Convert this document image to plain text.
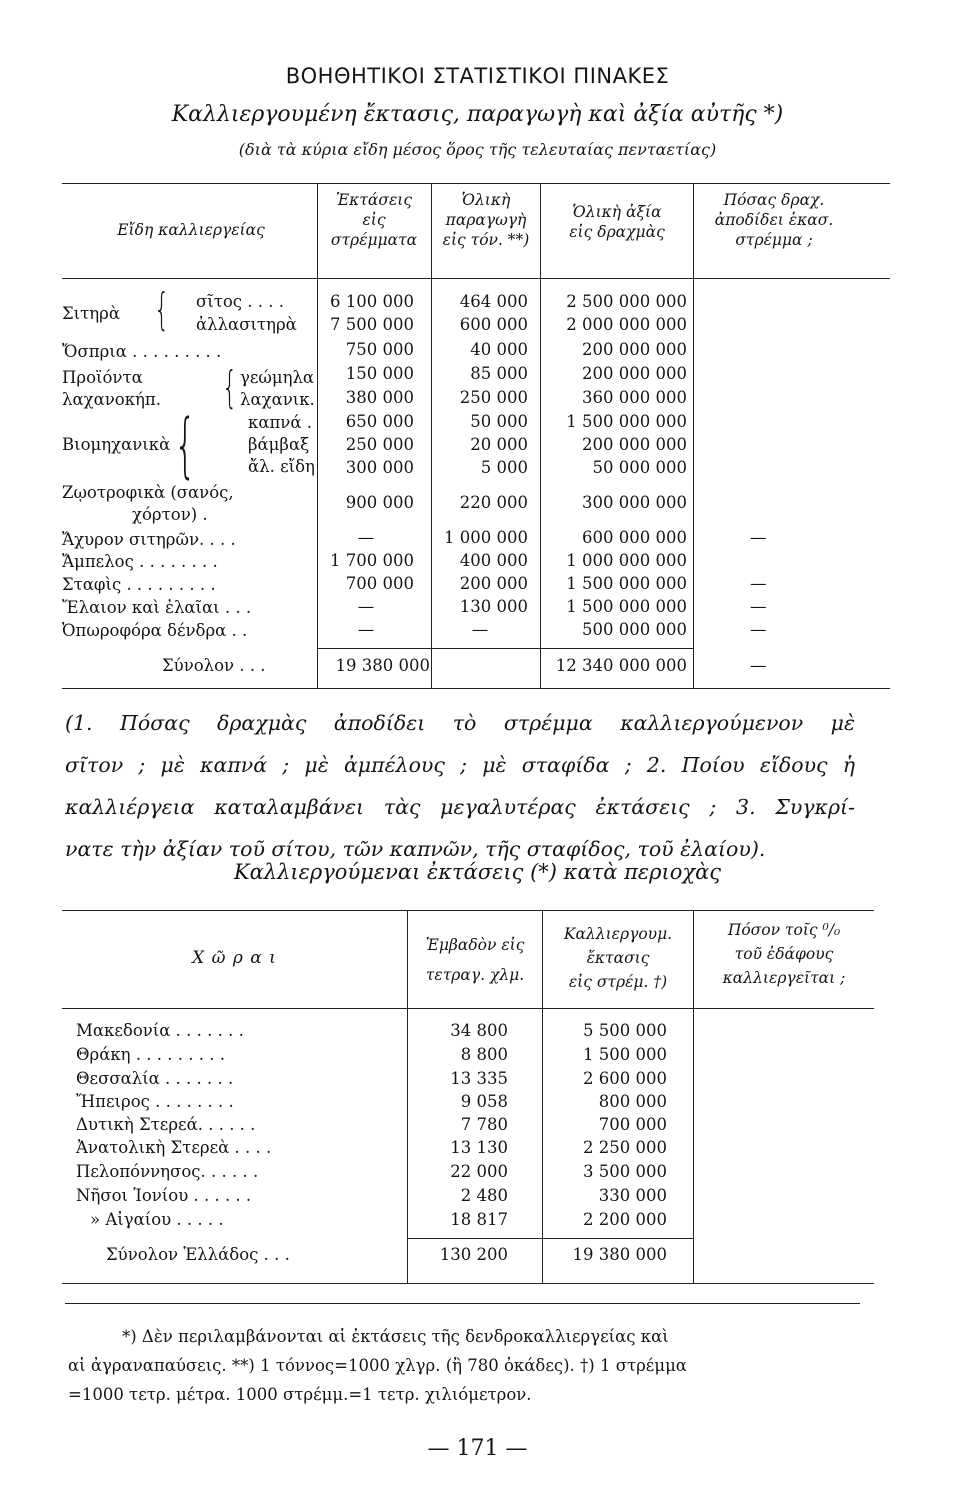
ΒΟΗΘΗΤΙΚΟΙ ΣΤΑΤΙΣΤΙΚΟΙ ΠΙΝΑΚΕΣ
Καλλιεργουμένη ἔκτασις, παραγωγὴ καὶ ἀξία αὐτῆς *)
(διὰ τὰ κύρια εἴδη μέσος ὅρος τῆς τελευταίας πενταετίας)
Εἴδη καλλιεργείας
Ἐκτάσεις
εἰς
στρέμματα
Ὁλικὴ
παραγωγὴ
εἰς τόν. **)
Ὁλικὴ ἀξία
εἰς δραχμὰς
Πόσας δραχ.
ἀποδίδει ἑκασ.
στρέμμα ;
Σιτηρὰ {
Προϊόντα
λαχανοκήπ. {
Βιομηχανικὰ {
Ζῳοτροφικὰ (σανός,
χόρτον) .
σῖτος . . . .
ἀλλασιτηρὰ
Ὄσπρια . . . . . . . . .
γεώμηλα
λαχανικ.
καπνά .
βάμβαξ
ἄλ. εἴδη
Ἄχυρον σιτηρῶν. . . .
Ἄμπελος . . . . . . . .
Σταφὶς . . . . . . . . .
Ἔλαιον καὶ ἐλαῖαι . . .
Ὀπωροφόρα δένδρα . .
Σύνολον . . .
6 100 000
7 500 000
750 000
150 000
380 000
650 000
250 000
300 000
900 000
—
1 700 000
700 000
—
—
19 380 000
464 000
600 000
40 000
85 000
250 000
50 000
20 000
5 000
220 000
1 000 000
400 000
200 000
130 000
—
2 500 000 000
2 000 000 000
200 000 000
200 000 000
360 000 000
1 500 000 000
200 000 000
50 000 000
300 000 000
600 000 000
1 000 000 000
1 500 000 000
1 500 000 000
500 000 000
12 340 000 000
—
—
—
—
—
(1. Πόσας δραχμὰς ἀποδίδει τὸ στρέμμα καλλιεργούμενον μὲ
σῖτον ; μὲ καπνά ; μὲ ἀμπέλους ; μὲ σταφίδα ; 2. Ποίου εἴδους ἡ
καλλιέργεια καταλαμβάνει τὰς μεγαλυτέρας ἐκτάσεις ; 3. Συγκρί-
νατε τὴν ἀξίαν τοῦ σίτου, τῶν καπνῶν, τῆς σταφίδος, τοῦ ἐλαίου).
Καλλιεργούμεναι ἐκτάσεις (*) κατὰ περιοχὰς
Χ ῶ ρ α ι
Ἐμβαδὸν εἰς
τετραγ. χλμ.
Καλλιεργουμ.
ἔκτασις
εἰς στρέμ. †)
Πόσον τοῖς ⁰/₀
τοῦ ἐδάφους
καλλιεργεῖται ;
Μακεδονία . . . . . . .
Θράκη . . . . . . . . .
Θεσσαλία . . . . . . .
Ἤπειρος . . . . . . . .
Δυτικὴ Στερεά. . . . . .
Ἀνατολικὴ Στερεὰ . . . .
Πελοπόννησος. . . . . .
Νῆσοι Ἰονίου . . . . . .
» Αἰγαίου . . . . .
Σύνολον Ἑλλάδος . . .
34 800
8 800
13 335
9 058
7 780
13 130
22 000
2 480
18 817
130 200
5 500 000
1 500 000
2 600 000
800 000
700 000
2 250 000
3 500 000
330 000
2 200 000
19 380 000
*) Δὲν περιλαμβάνονται αἱ ἐκτάσεις τῆς δενδροκαλλιεργείας καὶ
αἱ ἀγραναπαύσεις. **) 1 τόννος=1000 χλγρ. (ἢ 780 ὀκάδες). †) 1 στρέμμα
=1000 τετρ. μέτρα. 1000 στρέμμ.=1 τετρ. χιλιόμετρον.
— 171 —
